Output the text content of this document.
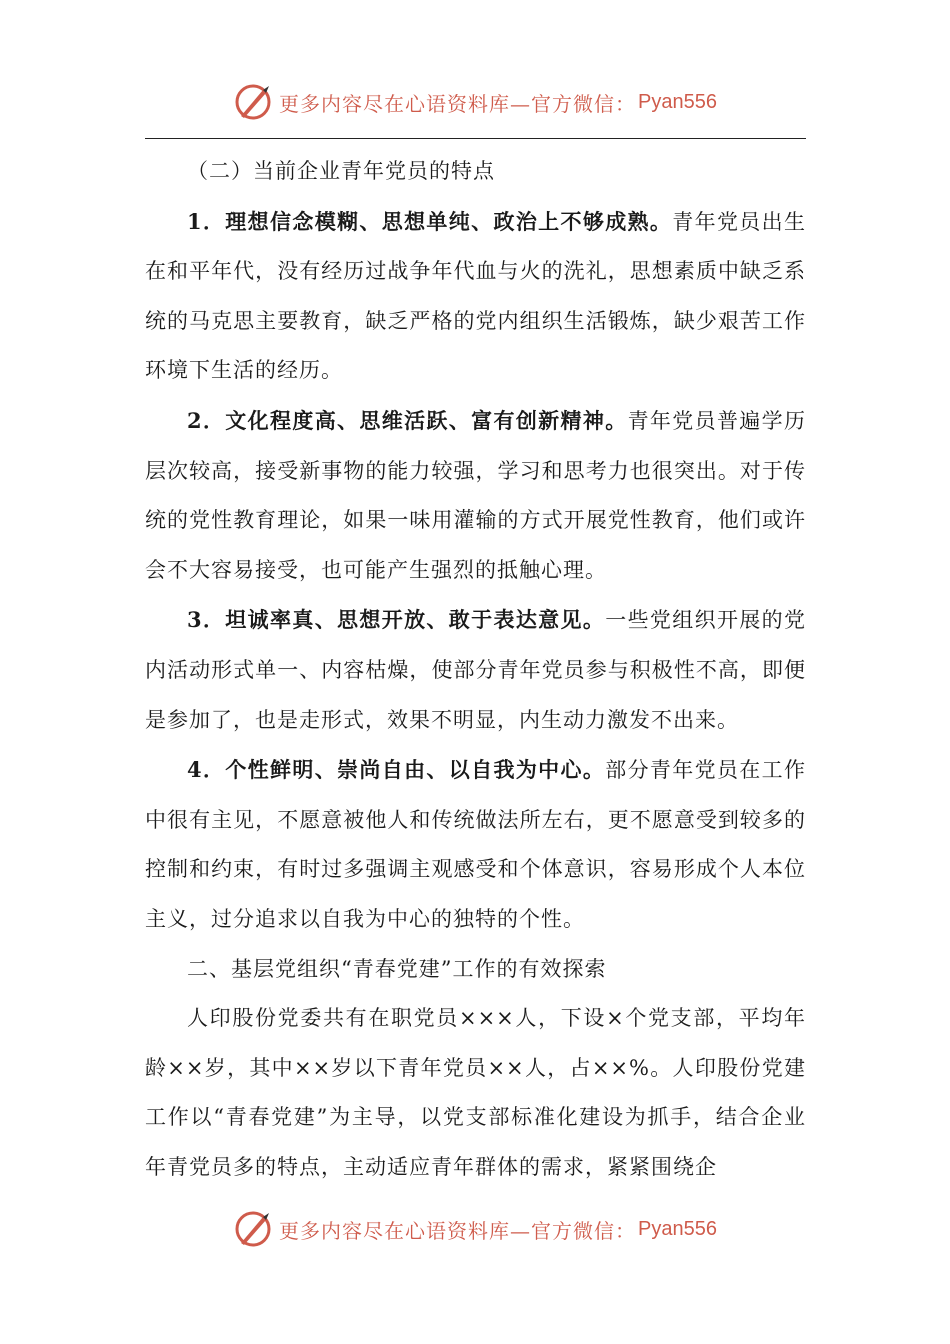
更多内容尽在心语资料库—官方微信： Pyan556

（二）当前企业青年党员的特点

1．理想信念模糊、思想单纯、政治上不够成熟。青年党员出生在和平年代，没有经历过战争年代血与火的洗礼，思想素质中缺乏系统的马克思主要教育，缺乏严格的党内组织生活锻炼，缺少艰苦工作环境下生活的经历。

2．文化程度高、思维活跃、富有创新精神。青年党员普遍学历层次较高，接受新事物的能力较强，学习和思考力也很突出。对于传统的党性教育理论，如果一味用灌输的方式开展党性教育，他们或许会不大容易接受，也可能产生强烈的抵触心理。

3．坦诚率真、思想开放、敢于表达意见。一些党组织开展的党内活动形式单一、内容枯燥，使部分青年党员参与积极性不高，即便是参加了，也是走形式，效果不明显，内生动力激发不出来。

4．个性鲜明、崇尚自由、以自我为中心。部分青年党员在工作中很有主见，不愿意被他人和传统做法所左右，更不愿意受到较多的控制和约束，有时过多强调主观感受和个体意识，容易形成个人本位主义，过分追求以自我为中心的独特的个性。

二、基层党组织“青春党建”工作的有效探索

人印股份党委共有在职党员×××人，下设×个党支部，平均年龄××岁，其中××岁以下青年党员××人，占××%。人印股份党建工作以“青春党建”为主导，以党支部标准化建设为抓手，结合企业年青党员多的特点，主动适应青年群体的需求，紧紧围绕企

更多内容尽在心语资料库—官方微信： Pyan556
